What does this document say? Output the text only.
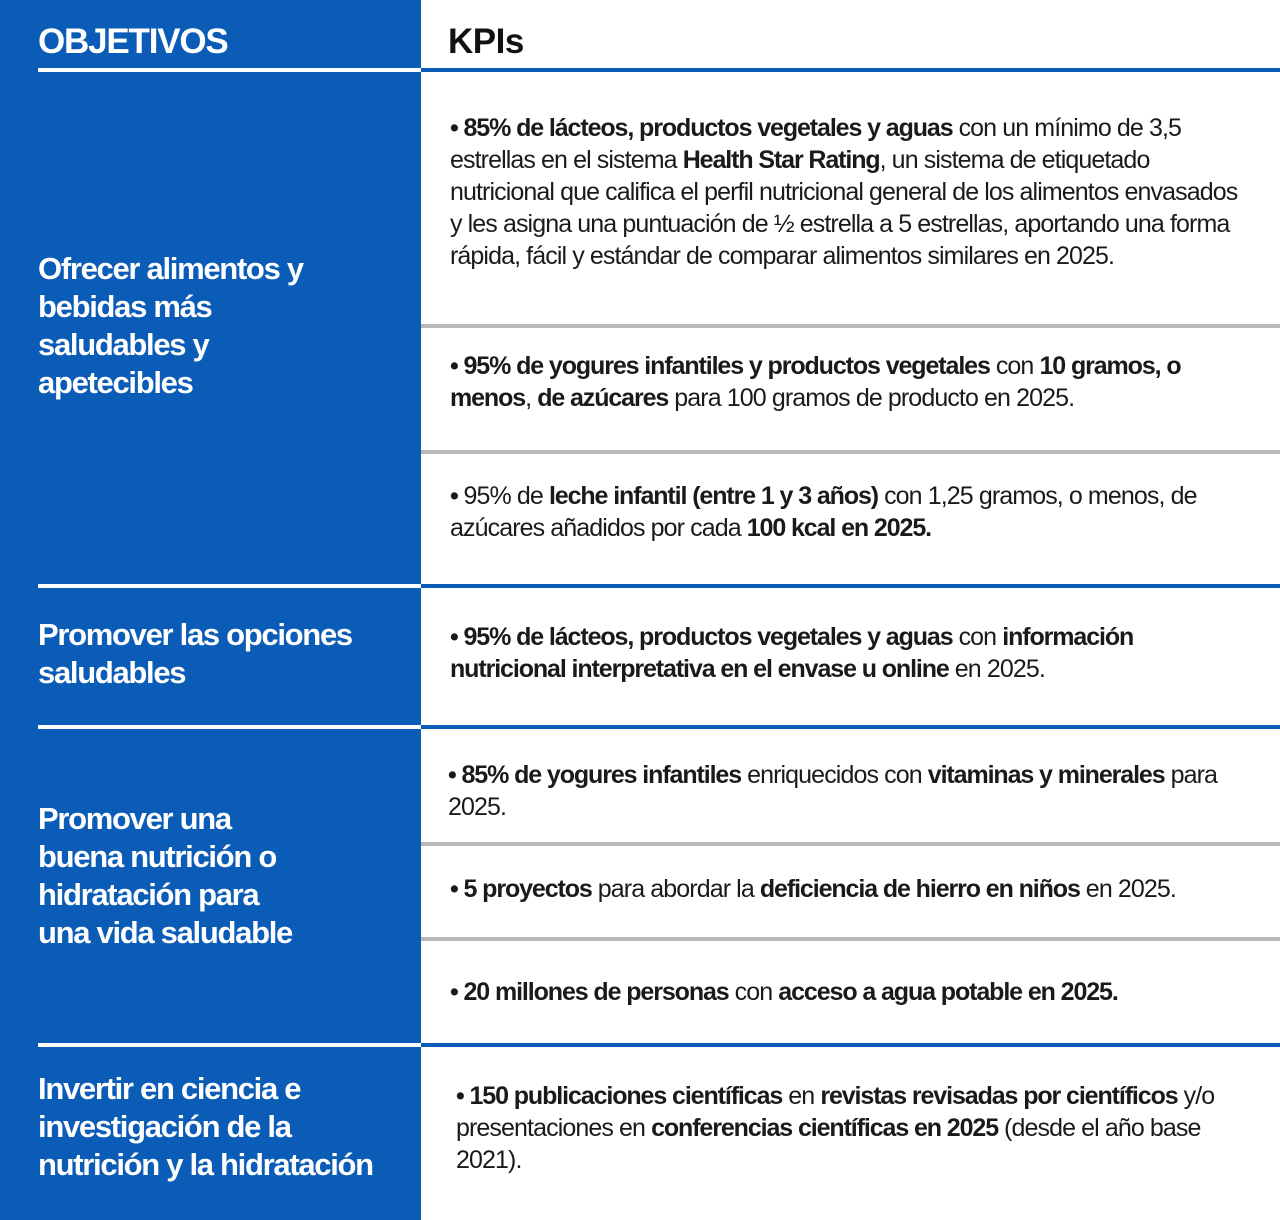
OBJETIVOS	KPIs
Ofrecer alimentos y bebidas más saludables y apetecibles
Promover las opciones saludables
Promover una buena nutrición o hidratación para una vida saludable
Invertir en ciencia e investigación de la nutrición y la hidratación
• 85% de lácteos, productos vegetales y aguas con un mínimo de 3,5 estrellas en el sistema Health Star Rating, un sistema de etiquetado nutricional que califica el perfil nutricional general de los alimentos envasados y les asigna una puntuación de ½ estrella a 5 estrellas, aportando una forma rápida, fácil y estándar de comparar alimentos similares en 2025.
• 95% de yogures infantiles y productos vegetales con 10 gramos, o menos, de azúcares para 100 gramos de producto en 2025.
• 95% de leche infantil (entre 1 y 3 años) con 1,25 gramos, o menos, de azúcares añadidos por cada 100 kcal en 2025.
• 95% de lácteos, productos vegetales y aguas con información nutricional interpretativa en el envase u online en 2025.
• 85% de yogures infantiles enriquecidos con vitaminas y minerales para 2025.
• 5 proyectos para abordar la deficiencia de hierro en niños en 2025.
• 20 millones de personas con acceso a agua potable en 2025.
• 150 publicaciones científicas en revistas revisadas por científicos y/o presentaciones en conferencias científicas en 2025 (desde el año base 2021).
